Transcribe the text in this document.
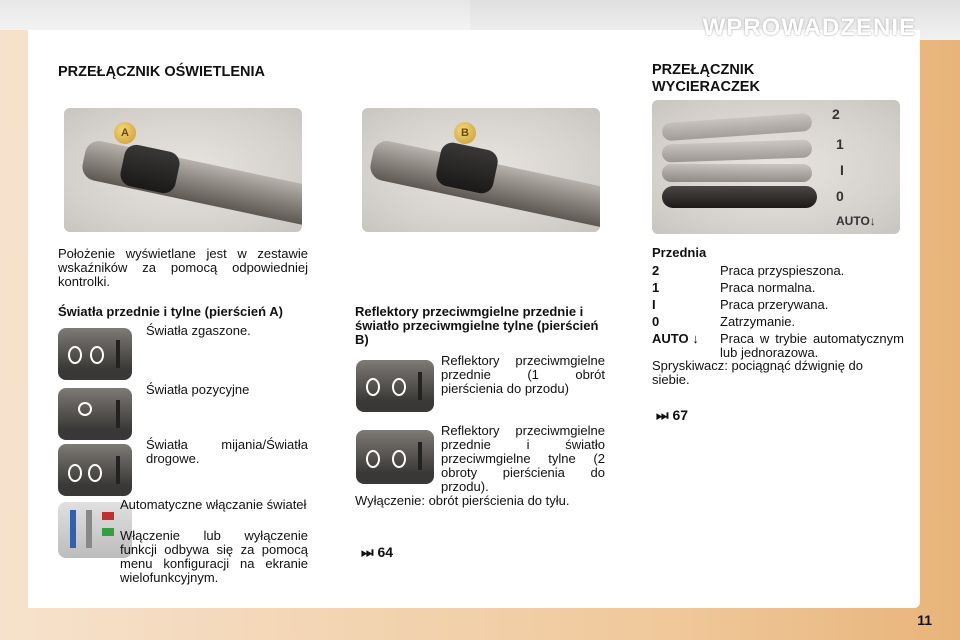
WPROWADZENIE
PRZEŁĄCZNIK OŚWIETLENIA
A	B
Położenie wyświetlane jest w zestawie wskaźników za pomocą odpowiedniej kontrolki.
Światła przednie i tylne (pierścień A)
Światła zgaszone.
Światła pozycyjne
Światła mijania/Światła drogowe.
Automatyczne włączanie świateł
Włączenie lub wyłączenie funkcji odbywa się za pomocą menu konfiguracji na ekranie wielofunkcyjnym.
Reflektory przeciwmgielne przednie i światło przeciwmgielne tylne (pierścień B)
Reflektory przeciwmgielne przednie (1 obrót pierścienia do przodu)
Reflektory przeciwmgielne przednie i światło przeciwmgielne tylne (2 obroty pierścienia do przodu).
Wyłączenie: obrót pierścienia do tyłu.
⏭ 64
PRZEŁĄCZNIK WYCIERACZEK
2
1
I
0
AUTO↓
Przednia
2	Praca przyspieszona.
1	Praca normalna.
I	Praca przerywana.
0	Zatrzymanie.
AUTO ↓ Praca w trybie automatycznym lub jednorazowa.
Spryskiwacz: pociągnąć dźwignię do siebie.
⏭ 67
11
